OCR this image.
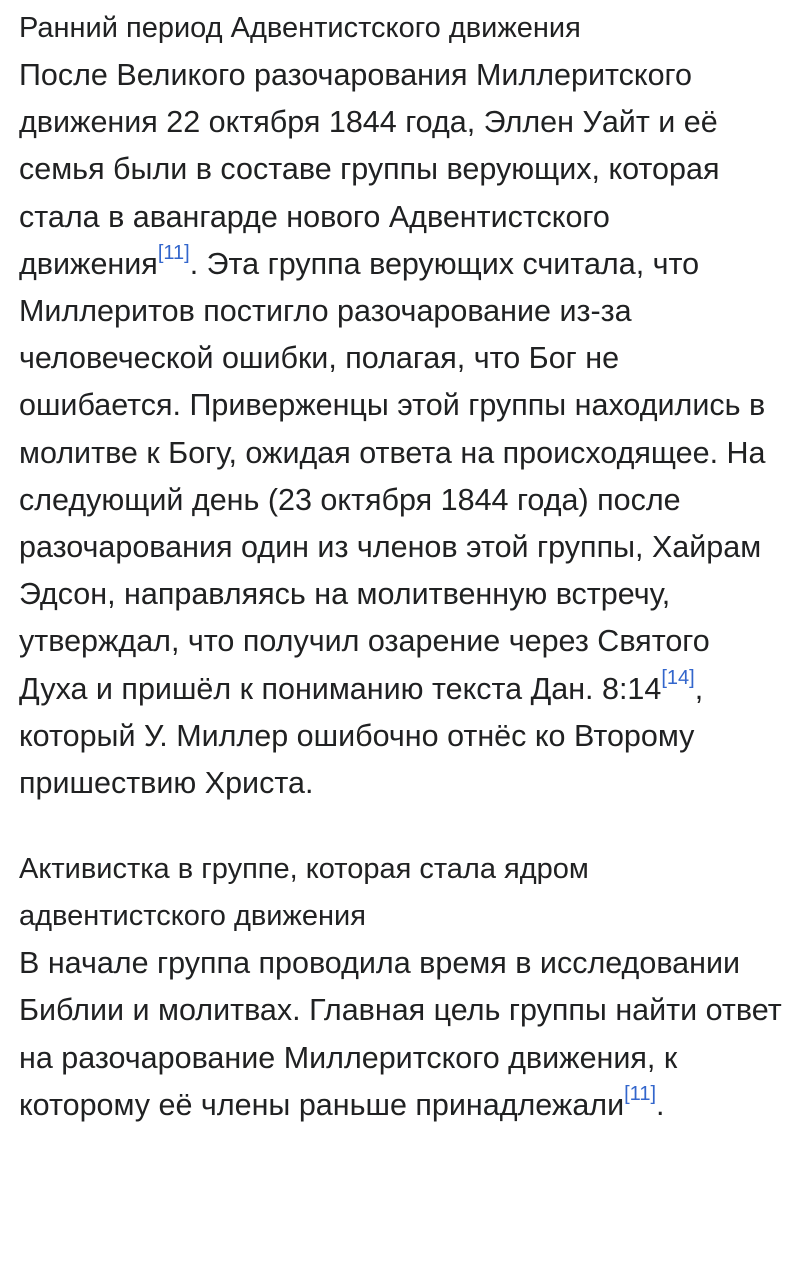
Ранний период Адвентистского движения

После Великого разочарования Миллеритского движения 22 октября 1844 года, Эллен Уайт и её семья были в составе группы верующих, которая стала в авангарде нового Адвентистского движения[11]. Эта группа верующих считала, что Миллеритов постигло разочарование из-за человеческой ошибки, полагая, что Бог не ошибается. Приверженцы этой группы находились в молитве к Богу, ожидая ответа на происходящее. На следующий день (23 октября 1844 года) после разочарования один из членов этой группы, Хайрам Эдсон, направляясь на молитвенную встречу, утверждал, что получил озарение через Святого Духа и пришёл к пониманию текста Дан. 8:14[14], который У. Миллер ошибочно отнёс ко Второму пришествию Христа.

Активистка в группе, которая стала ядром адвентистского движения

В начале группа проводила время в исследовании Библии и молитвах. Главная цель группы найти ответ на разочарование Миллеритского движения, к которому её члены раньше принадлежали[11].
